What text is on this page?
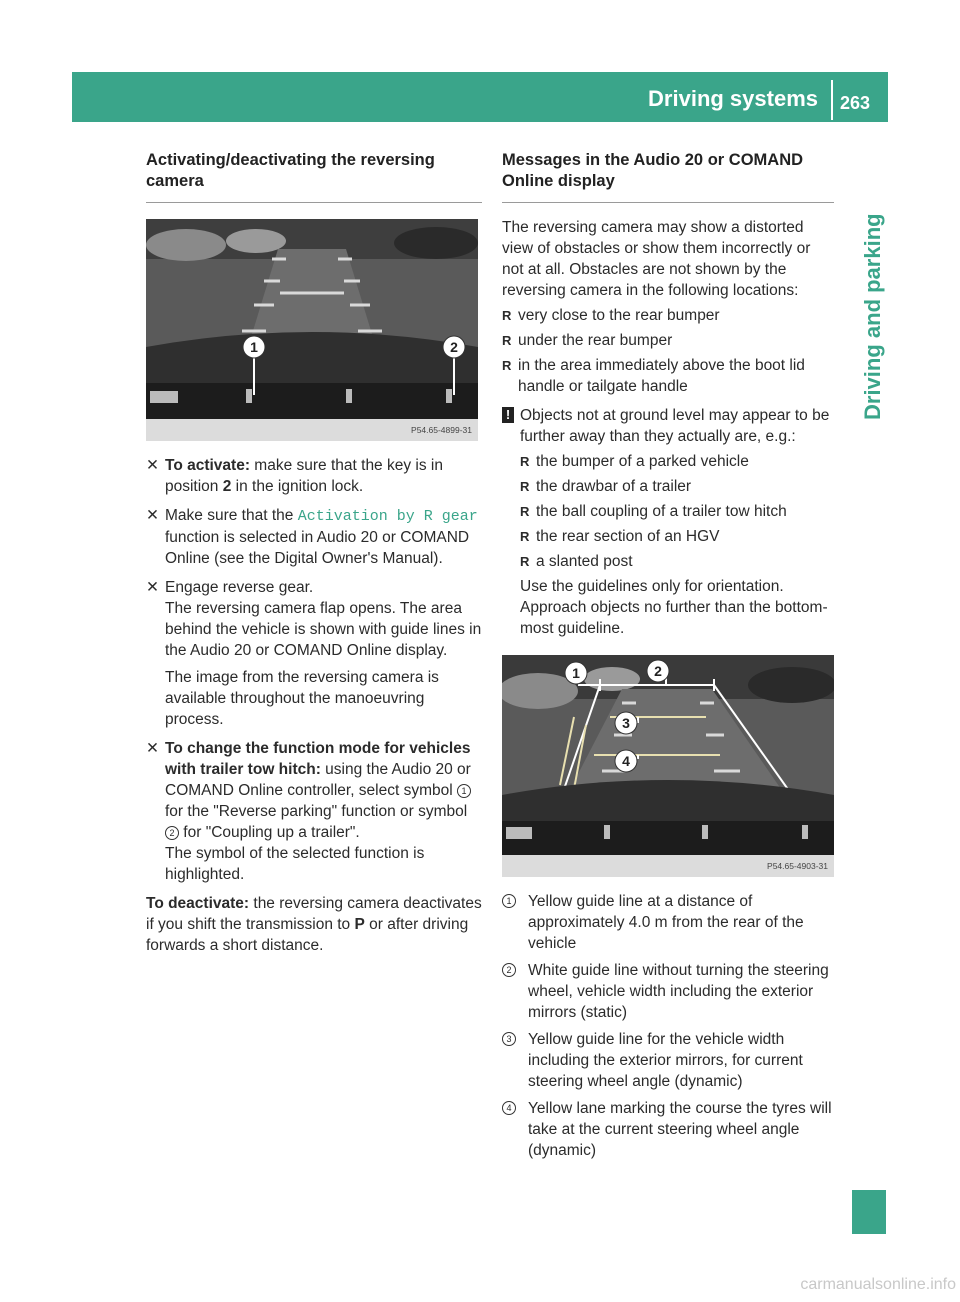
Driving systems 263
Driving and parking
Activating/deactivating the reversing camera
1	2
P54.65-4899-31
✕ To activate: make sure that the key is in position 2 in the ignition lock.
✕ Make sure that the Activation by R gear function is selected in Audio 20 or COMAND Online (see the Digital Owner's Manual).
✕ Engage reverse gear.

The reversing camera flap opens. The area behind the vehicle is shown with guide lines in the Audio 20 or COMAND Online display.

The image from the reversing camera is available throughout the manoeuvring process.

✕ To change the function mode for vehicles with trailer tow hitch: using the Audio 20 or COMAND Online controller, select symbol 1 for the "Reverse parking" function or symbol 2 for "Coupling up a trailer".

The symbol of the selected function is highlighted.

To deactivate: the reversing camera deactivates if you shift the transmission to P or after driving forwards a short distance.

Messages in the Audio 20 or COMAND Online display

The reversing camera may show a distorted view of obstacles or show them incorrectly or not at all. Obstacles are not shown by the reversing camera in the following locations:

R very close to the rear bumper
R under the rear bumper
R in the area immediately above the boot lid handle or tailgate handle
! Objects not at ground level may appear to be further away than they actually are, e.g.:
R the bumper of a parked vehicle
R the drawbar of a trailer
R the ball coupling of a trailer tow hitch
R the rear section of an HGV
R a slanted post

Use the guidelines only for orientation. Approach objects no further than the bottom-most guideline.

1	2
3
4
P54.65-4903-31
1 Yellow guide line at a distance of approximately 4.0 m from the rear of the vehicle
2 White guide line without turning the steering wheel, vehicle width including the exterior mirrors (static)
3 Yellow guide line for the vehicle width including the exterior mirrors, for current steering wheel angle (dynamic)
4 Yellow lane marking the course the tyres will take at the current steering wheel angle (dynamic)
carmanualsonline.info
